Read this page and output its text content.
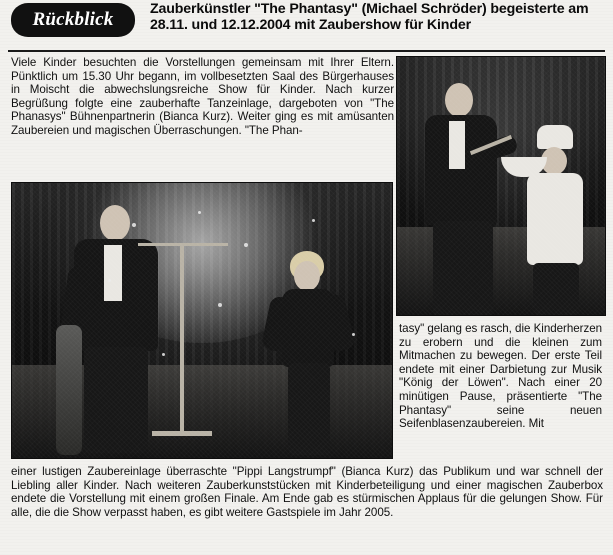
Rückblick	Zauberkünstler "The Phantasy" (Michael Schröder) begeisterte am 28.11. und 12.12.2004 mit Zaubershow für Kinder

Viele Kinder besuchten die Vorstellungen gemeinsam mit Ihrer Eltern. Pünktlich um 15.30 Uhr begann, im vollbesetzten Saal des Bürgerhauses in Moischt die abwechslungsreiche Show für Kinder. Nach kurzer Begrüßung folgte eine zauberhafte Tanzeinlage, dargeboten von "The Phanasys" Bühnenpartnerin (Bianca Kurz). Weiter ging es mit amüsanten Zaubereien und magischen Überraschungen. "The Phan-

tasy" gelang es rasch, die Kinderherzen zu erobern und die kleinen zum Mitmachen zu bewegen. Der erste Teil endete mit einer Darbietung zur Musik "König der Löwen". Nach einer 20 minütigen Pause, präsentierte "The Phantasy" seine neuen Seifenblasenzaubereien. Mit

einer lustigen Zaubereinlage überraschte "Pippi Langstrumpf" (Bianca Kurz) das Publikum und war schnell der Liebling aller Kinder. Nach weiteren Zauberkunststücken mit Kinderbeteiligung und einer magischen Zauberbox endete die Vorstellung mit einem großen Finale. Am Ende gab es stürmischen Applaus für die gelungen Show. Für alle, die die Show verpasst haben, es gibt weitere Gastspiele im Jahr 2005.
